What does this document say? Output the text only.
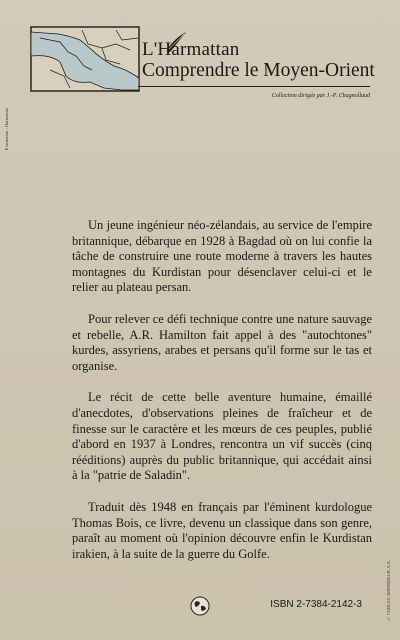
L'Harmattan
Comprendre le Moyen-Orient
Collection dirigée par J.-P. Chagnollaud
Illustration : Harmattan

Un jeune ingénieur néo-zélandais, au service de l'empire britannique, débarque en 1928 à Bagdad où on lui confie la tâche de construire une route moderne à travers les hautes montagnes du Kurdistan pour désenclaver celui-ci et le relier au plateau persan.

Pour relever ce défi technique contre une nature sauvage et rebelle, A.R. Hamilton fait appel à des "autochtones" kurdes, assyriens, arabes et persans qu'il forme sur le tas et organise.

Le récit de cette belle aventure humaine, émaillé d'anecdotes, d'observations pleines de fraîcheur et de finesse sur le caractère et les mœurs de ces peuples, publié d'abord en 1937 à Londres, rencontra un vif succès (cinq rééditions) auprès du public britannique, qui accédait ainsi à la "patrie de Saladin".

Traduit dès 1948 en français par l'éminent kurdologue Thomas Bois, ce livre, devenu un classique dans son genre, paraît au moment où l'opinion découvre enfin le Kurdistan irakien, à la suite de la guerre du Golfe.

© CORLET, IMPRIMEUR, S.A.
ISBN 2-7384-2142-3
